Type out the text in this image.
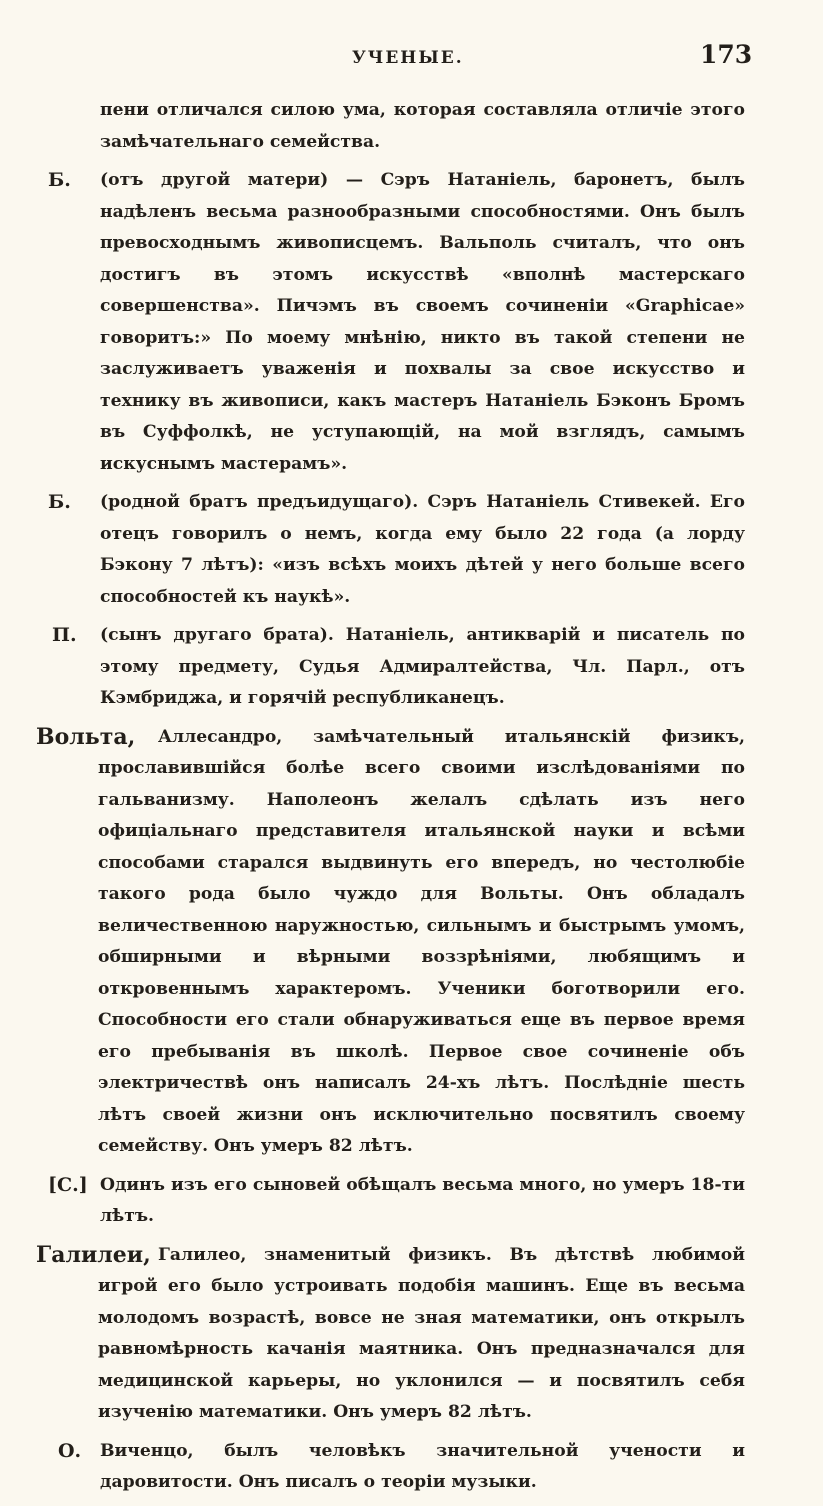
УЧЕНЫЕ.	173
пени отличался силою ума, которая составляла отличіе этого замѣчательнаго семейства.
Б. (отъ другой матери) — Сэръ Натаніель, баронетъ, былъ надѣленъ весьма разнообразными способностями. Онъ былъ превосходнымъ живописцемъ. Вальполь считалъ, что онъ достигъ въ этомъ искусствѣ «вполнѣ мастерскаго совершенства». Пичэмъ въ своемъ сочиненіи «Graphicae» говоритъ:» По моему мнѣнію, никто въ такой степени не заслуживаетъ уваженія и похвалы за свое искусство и технику въ живописи, какъ мастеръ Натаніель Бэконъ Бромъ въ Суффолкѣ, не уступающій, на мой взглядъ, самымъ искуснымъ мастерамъ».
Б. (родной братъ предъидущаго). Сэръ Натаніель Стивекей. Его отецъ говорилъ о немъ, когда ему было 22 года (а лорду Бэкону 7 лѣтъ): «изъ всѣхъ моихъ дѣтей у него больше всего способностей къ наукѣ».
П. (сынъ другаго брата). Натаніель, антикварій и писатель по этому предмету, Судья Адмиралтейства, Чл. Парл., отъ Кэмбриджа, и горячій республиканецъ.
Вольта,	Аллесандро, замѣчательный итальянскій физикъ, прославившійся болѣе всего своими изслѣдованіями по гальванизму. Наполеонъ желалъ сдѣлать изъ него офиціальнаго представителя итальянской науки и всѣми способами старался выдвинуть его впередъ, но честолюбіе такого рода было чуждо для Вольты. Онъ обладалъ величественною наружностью, сильнымъ и быстрымъ умомъ, обширными и вѣрными воззрѣніями, любящимъ и откровеннымъ характеромъ. Ученики боготворили его. Способности его стали обнаруживаться еще въ первое время его пребыванія въ школѣ. Первое свое сочиненіе объ электричествѣ онъ написалъ 24-хъ лѣтъ. Послѣдніе шесть лѣтъ своей жизни онъ исключительно посвятилъ своему семейству. Онъ умеръ 82 лѣтъ.
[С.] Одинъ изъ его сыновей обѣщалъ весьма много, но умеръ 18-ти лѣтъ.
Галилеи, Галилео, знаменитый физикъ. Въ дѣтствѣ любимой игрой его было устроивать подобія машинъ. Еще въ весьма молодомъ возрастѣ, вовсе не зная математики, онъ открылъ равномѣрность качанія маятника. Онъ предназначался для медицинской карьеры, но уклонился — и посвятилъ себя изученію математики. Онъ умеръ 82 лѣтъ.
О. Виченцо, былъ человѣкъ значительной учености и даровитости. Онъ писалъ о теоріи музыки.
